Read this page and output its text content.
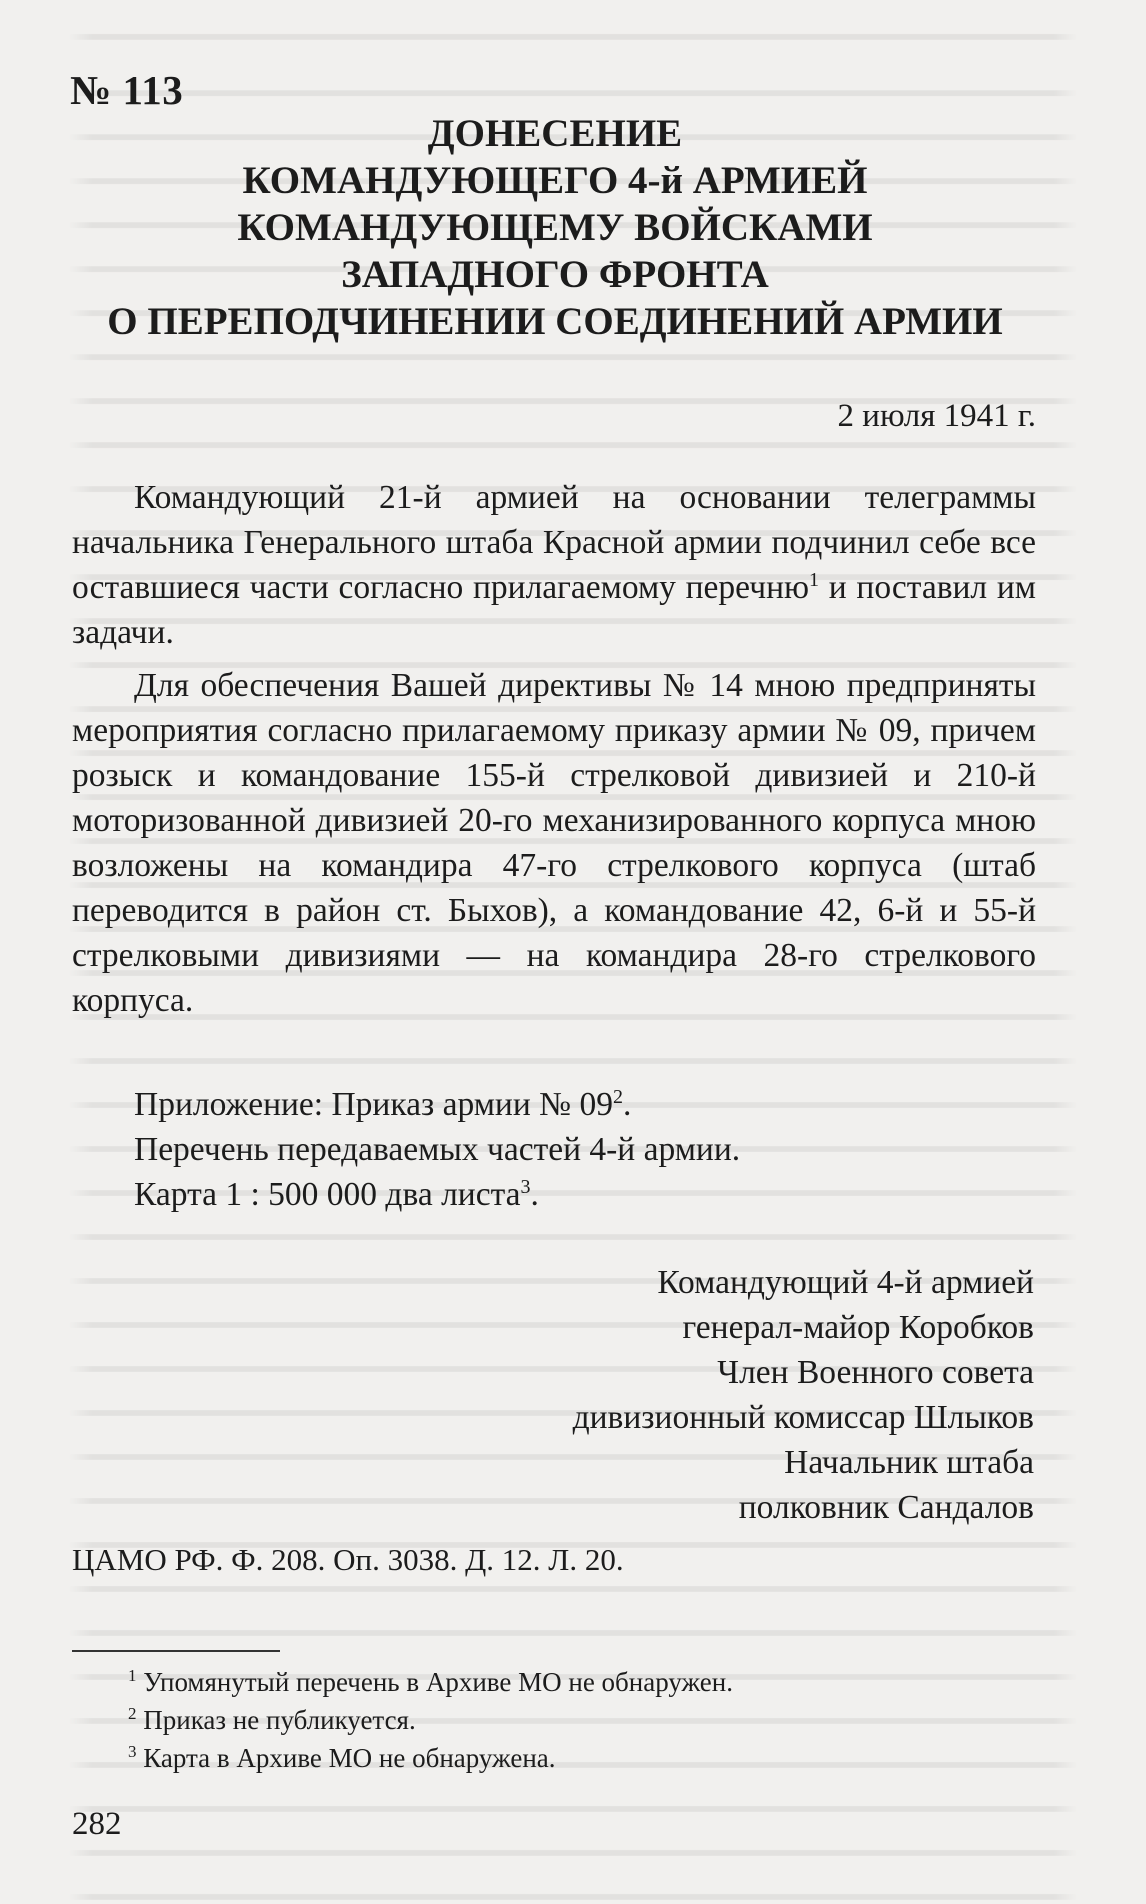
№ 113
ДОНЕСЕНИЕ
КОМАНДУЮЩЕГО 4-й АРМИЕЙ
КОМАНДУЮЩЕМУ ВОЙСКАМИ
ЗАПАДНОГО ФРОНТА
О ПЕРЕПОДЧИНЕНИИ СОЕДИНЕНИЙ АРМИИ
2 июля 1941 г.

Командующий 21-й армией на основании телеграммы начальника Генерального штаба Красной армии подчинил себе все оставшиеся части согласно прилагаемому перечню$^1$ и поставил им задачи.

Для обеспечения Вашей директивы № 14 мною предприняты мероприятия согласно прилагаемому приказу армии № 09, причем розыск и командование 155-й стрелковой дивизией и 210-й моторизованной дивизией 20-го механизированного корпуса мною возложены на командира 47-го стрелкового корпуса (штаб переводится в район ст. Быхов), а командование 42, 6-й и 55-й стрелковыми дивизиями — на командира 28-го стрелкового корпуса.

Приложение: Приказ армии № $09^2$.
Перечень передаваемых частей 4-й армии.
Карта 1 : 500 000 два листа$^3$.
Командующий 4-й армией
генерал-майор Коробков
Член Военного совета
дивизионный комиссар Шлыков
Начальник штаба
полковник Сандалов
ЦАМО РФ. Ф. 208. Оп. 3038. Д. 12. Л. 20.
$^1$ Упомянутый перечень в Архиве МО не обнаружен.
$^2$ Приказ не публикуется.
$^3$ Карта в Архиве МО не обнаружена.
282
